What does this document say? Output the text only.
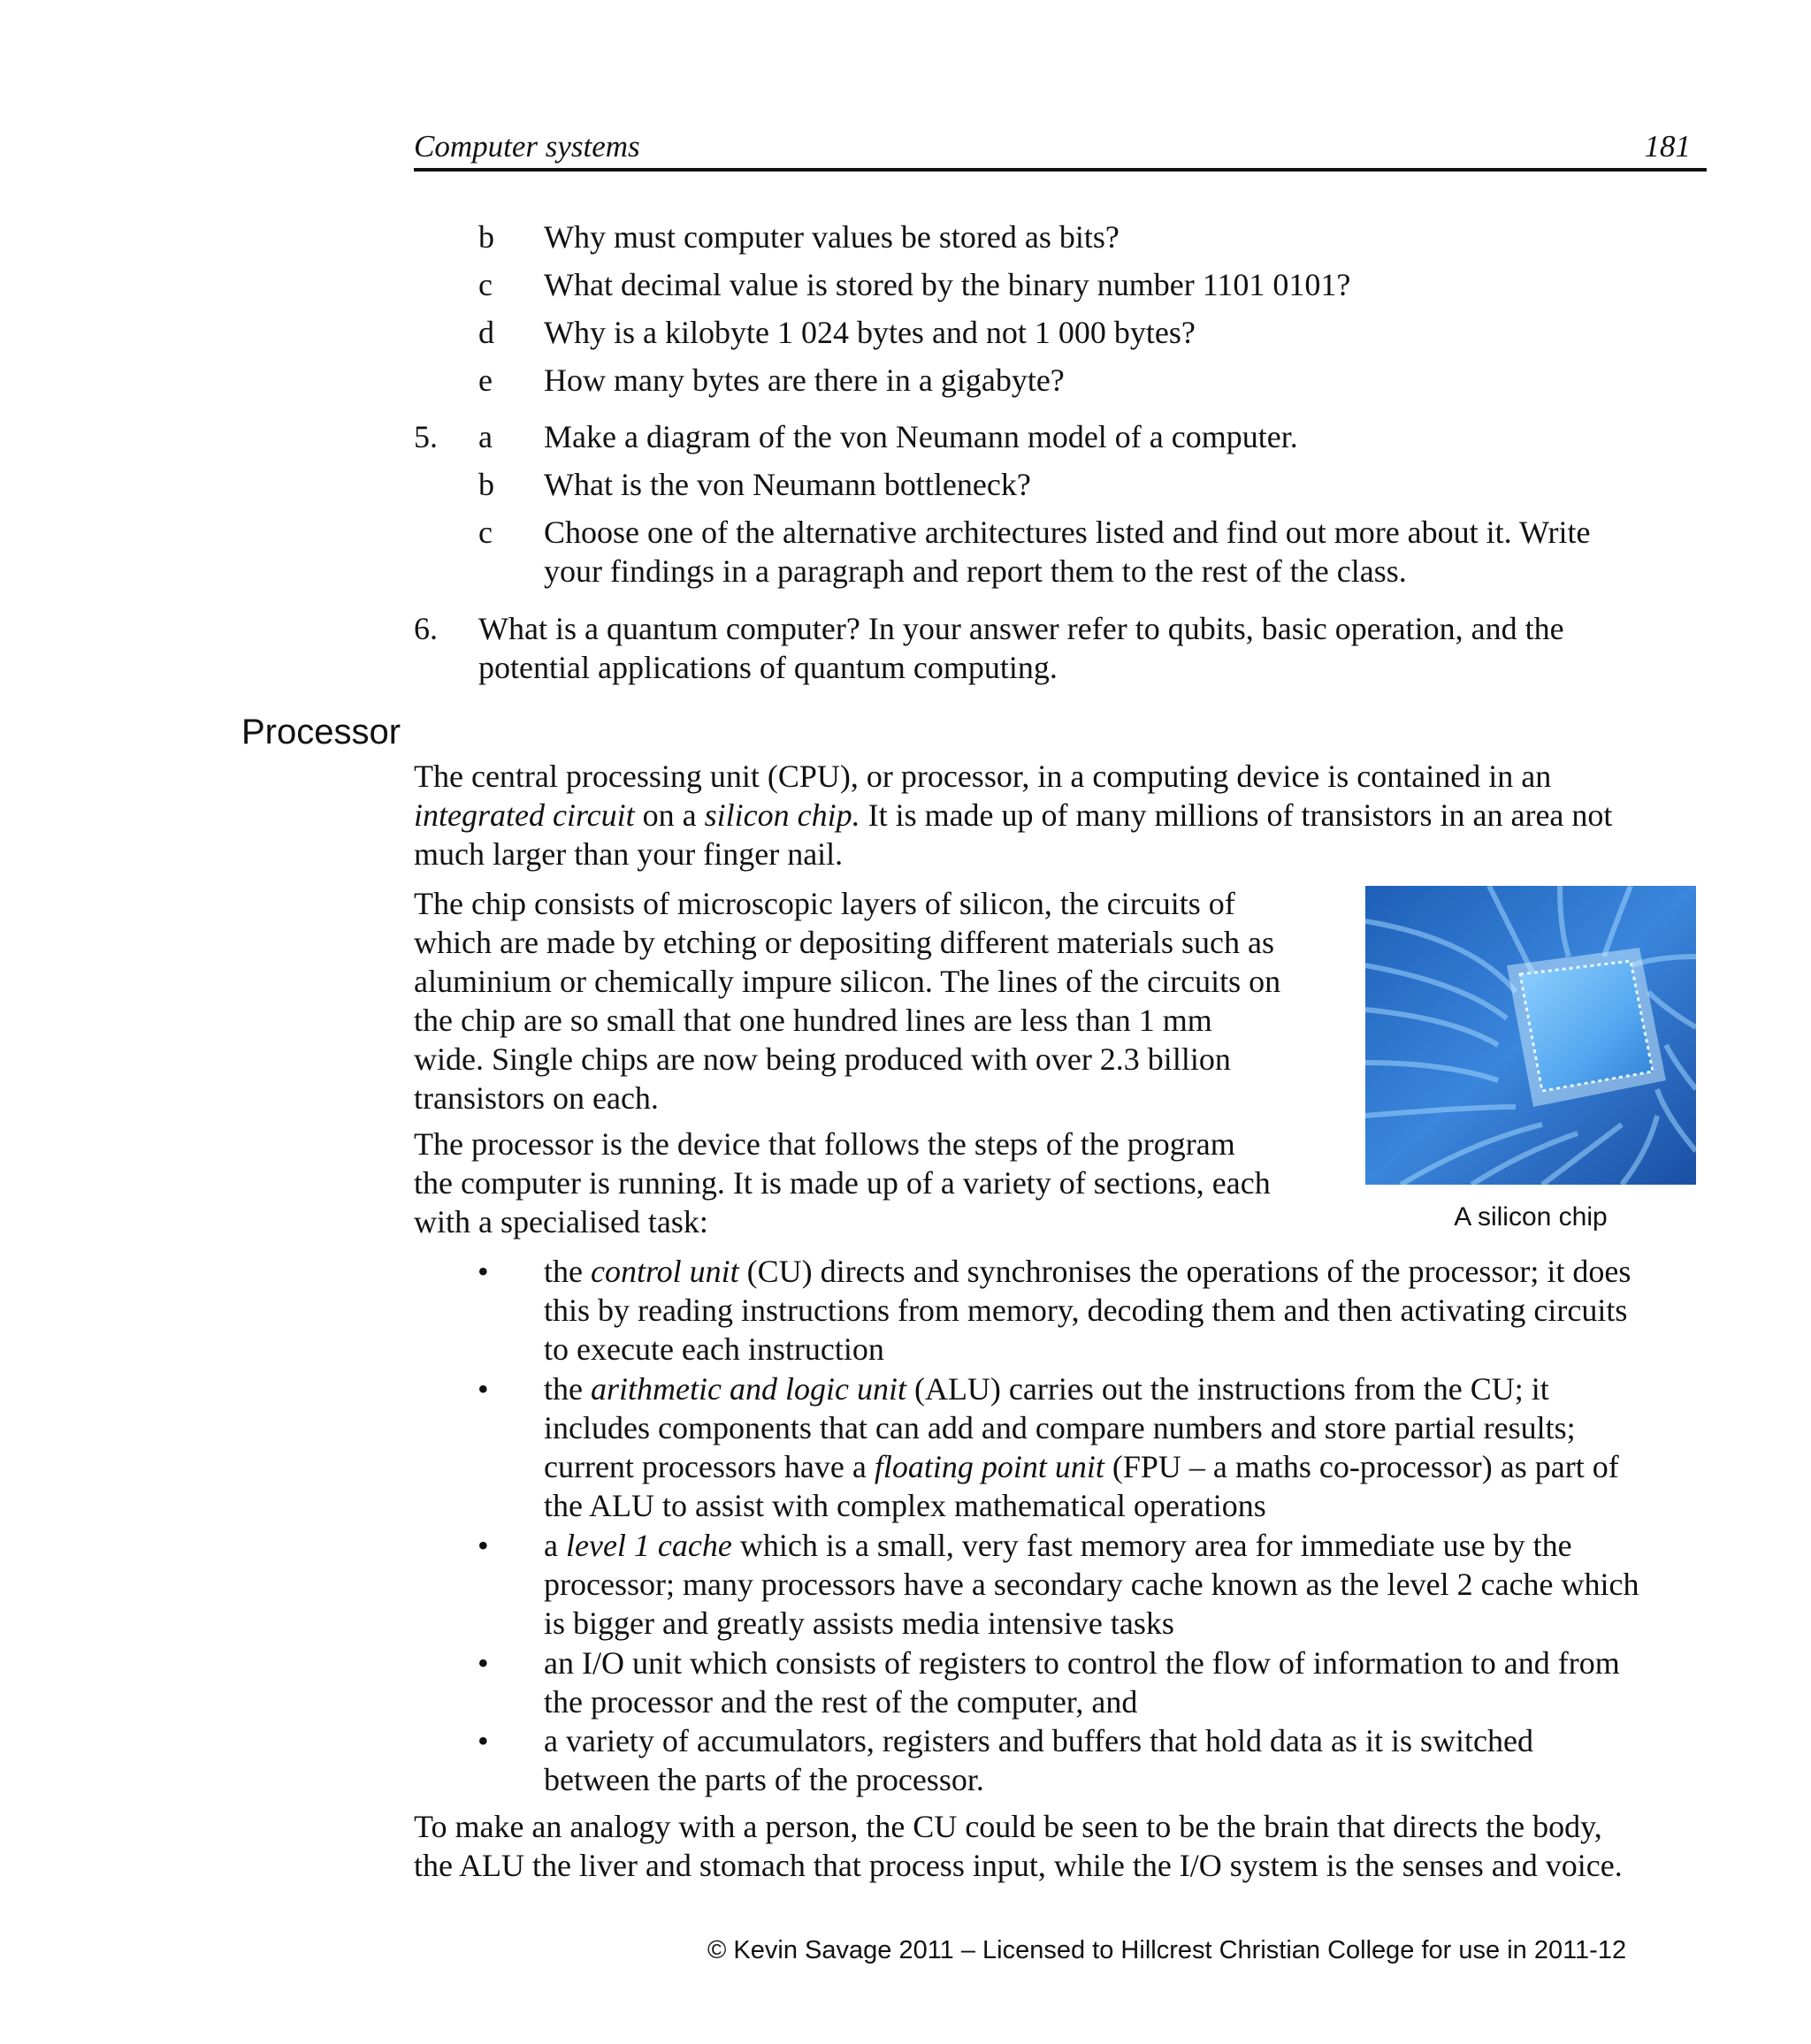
Computer systems	181
b Why must computer values be stored as bits?
c What decimal value is stored by the binary number 1101 0101?
d Why is a kilobyte 1 024 bytes and not 1 000 bytes?
e How many bytes are there in a gigabyte?
5. a Make a diagram of the von Neumann model of a computer.
b What is the von Neumann bottleneck?
c Choose one of the alternative architectures listed and find out more about it. Write
your findings in a paragraph and report them to the rest of the class.
6. What is a quantum computer? In your answer refer to qubits, basic operation, and the
potential applications of quantum computing.
Processor
The central processing unit (CPU), or processor, in a computing device is contained in an
integrated circuit on a silicon chip. It is made up of many millions of transistors in an area not
much larger than your finger nail.
The chip consists of microscopic layers of silicon, the circuits of
which are made by etching or depositing different materials such as
aluminium or chemically impure silicon. The lines of the circuits on
the chip are so small that one hundred lines are less than 1 mm
wide. Single chips are now being produced with over 2.3 billion
transistors on each.
The processor is the device that follows the steps of the program
the computer is running. It is made up of a variety of sections, each
with a specialised task:	A silicon chip
• the control unit (CU) directs and synchronises the operations of the processor; it does
this by reading instructions from memory, decoding them and then activating circuits
to execute each instruction
• the arithmetic and logic unit (ALU) carries out the instructions from the CU; it
includes components that can add and compare numbers and store partial results;
current processors have a floating point unit (FPU – a maths co-processor) as part of
the ALU to assist with complex mathematical operations
• a level 1 cache which is a small, very fast memory area for immediate use by the
processor; many processors have a secondary cache known as the level 2 cache which
is bigger and greatly assists media intensive tasks
• an I/O unit which consists of registers to control the flow of information to and from
the processor and the rest of the computer, and
• a variety of accumulators, registers and buffers that hold data as it is switched
between the parts of the processor.
To make an analogy with a person, the CU could be seen to be the brain that directs the body,
the ALU the liver and stomach that process input, while the I/O system is the senses and voice.
© Kevin Savage 2011 – Licensed to Hillcrest Christian College for use in 2011-12
